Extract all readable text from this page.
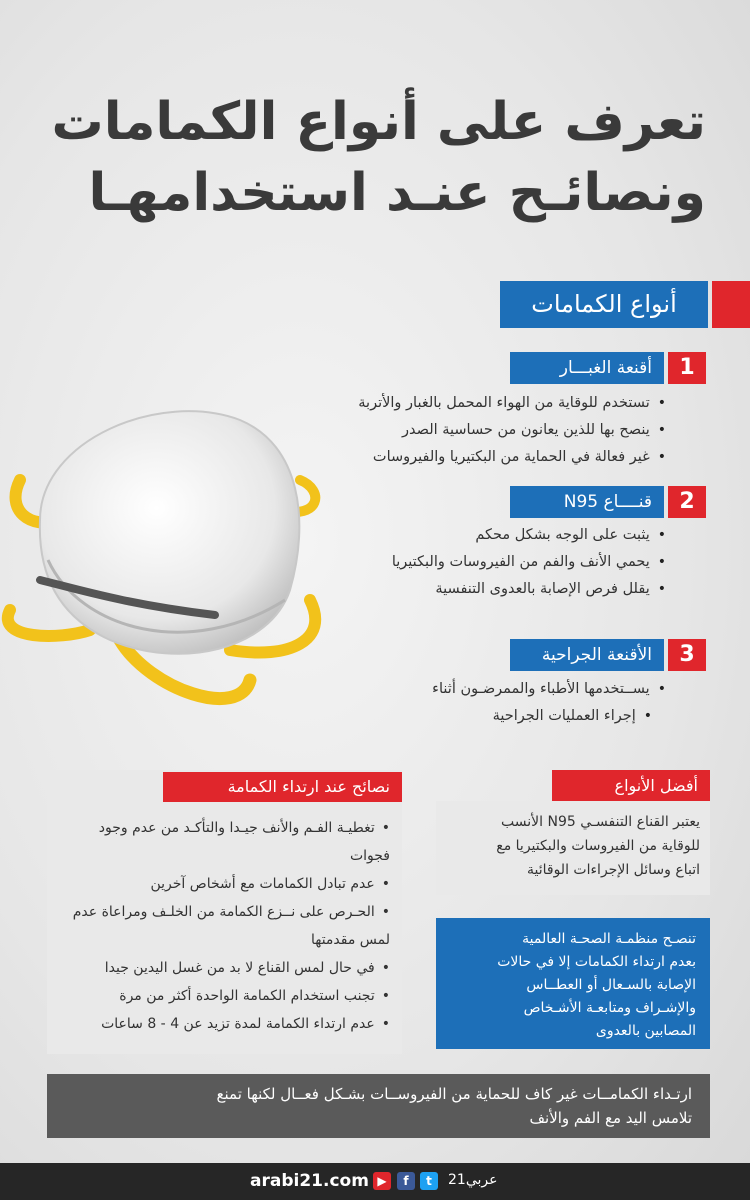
تعرف على أنواع الكمامات
ونصائـح عنـد استخدامهـا
أنواع الكمامات
1
أقنعة الغبـــار
• تستخدم للوقاية من الهواء المحمل بالغبار والأتربة
• ينصح بها للذين يعانون من حساسية الصدر
• غير فعالة في الحماية من البكتيريا والفيروسات
2
قنــــاع N95
• يثبت على الوجه بشكل محكم
• يحمي الأنف والفم من الفيروسات والبكتيريا
• يقلل فرص الإصابة بالعدوى التنفسية
3
الأقنعة الجراحية
• يســتخدمها الأطباء والممرضـون أثناء
• إجراء العمليات الجراحية
أفضل الأنواع
يعتبر القناع التنفسـي N95 الأنسب
للوقاية من الفيروسات والبكتيريا مع
اتباع وسائل الإجراءات الوقائية
نصائح عند ارتداء الكمامة
• تغطيـة الفـم والأنف جيـدا والتأكـد من عدم وجود فجوات
• عدم تبادل الكمامات مع أشخاص آخرين
• الحـرص على نــزع الكمامة من الخلـف ومراعاة عدم لمس مقدمتها
• في حال لمس القناع لا بد من غسل اليدين جيدا
• تجنب استخدام الكمامة الواحدة أكثر من مرة
• عدم ارتداء الكمامة لمدة تزيد عن 4 - 8 ساعات
تنصـح منظمـة الصحـة العالمية
بعدم ارتداء الكمامات إلا في حالات
الإصابة بالسـعال أو العطــاس
والإشـراف ومتابعـة الأشـخاص
المصابين بالعدوى
ارتـداء الكمامــات غير كاف للحماية من الفيروســات بشـكل فعــال لكنها تمنع
تلامس اليد مع الفم والأنف
arabi21.com ▶	f	t	عربي21
